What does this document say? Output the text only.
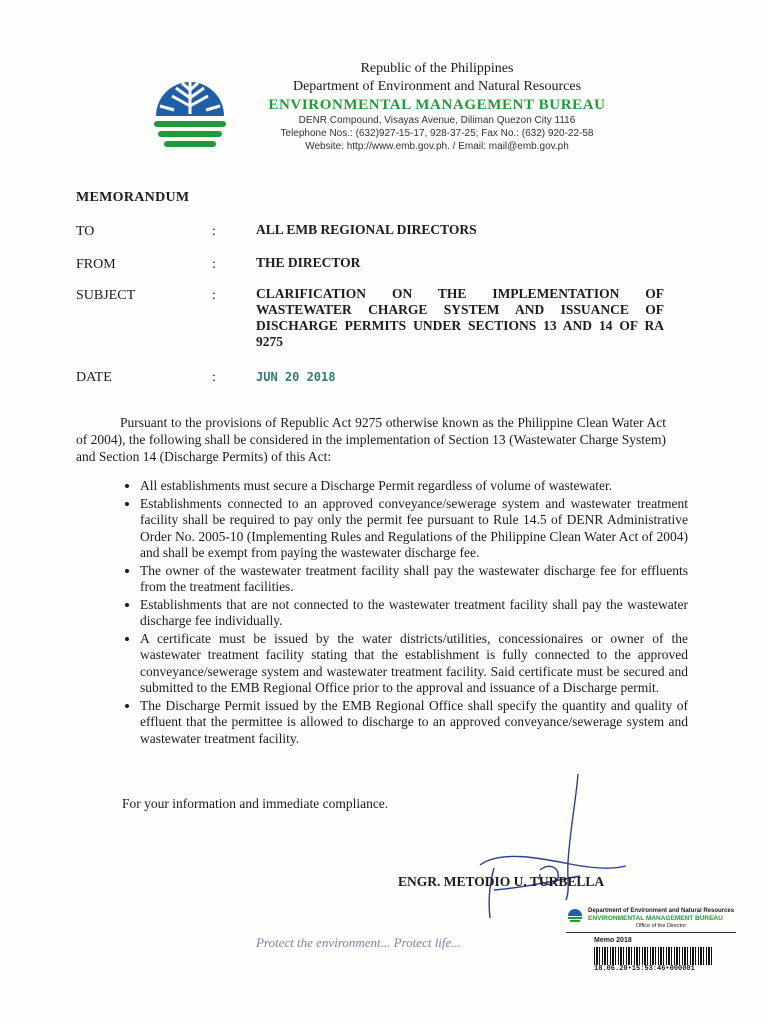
Republic of the Philippines
Department of Environment and Natural Resources
ENVIRONMENTAL MANAGEMENT BUREAU
DENR Compound, Visayas Avenue, Diliman Quezon City 1116
Telephone Nos.: (632)927-15-17, 928-37-25; Fax No.: (632) 920-22-58
Website: http://www.emb.gov.ph. / Email: mail@emb.gov.ph
MEMORANDUM
TO	:	ALL EMB REGIONAL DIRECTORS
FROM	:	THE DIRECTOR
SUBJECT	:	CLARIFICATION ON THE IMPLEMENTATION OF WASTEWATER CHARGE SYSTEM AND ISSUANCE OF DISCHARGE PERMITS UNDER SECTIONS 13 AND 14 OF RA 9275
DATE	:	JUN 20 2018
Pursuant to the provisions of Republic Act 9275 otherwise known as the Philippine Clean Water Act of 2004), the following shall be considered in the implementation of Section 13 (Wastewater Charge System) and Section 14 (Discharge Permits) of this Act:
• All establishments must secure a Discharge Permit regardless of volume of wastewater.
• Establishments connected to an approved conveyance/sewerage system and wastewater treatment facility shall be required to pay only the permit fee pursuant to Rule 14.5 of DENR Administrative Order No. 2005-10 (Implementing Rules and Regulations of the Philippine Clean Water Act of 2004) and shall be exempt from paying the wastewater discharge fee.
• The owner of the wastewater treatment facility shall pay the wastewater discharge fee for effluents from the treatment facilities.
• Establishments that are not connected to the wastewater treatment facility shall pay the wastewater discharge fee individually.
• A certificate must be issued by the water districts/utilities, concessionaires or owner of the wastewater treatment facility stating that the establishment is fully connected to the approved conveyance/sewerage system and wastewater treatment facility. Said certificate must be secured and submitted to the EMB Regional Office prior to the approval and issuance of a Discharge permit.
• The Discharge Permit issued by the EMB Regional Office shall specify the quantity and quality of effluent that the permittee is allowed to discharge to an approved conveyance/sewerage system and wastewater treatment facility.
For your information and immediate compliance.
ENGR. METODIO U. TURBELLA
Protect the environment... Protect life...
Department of Environment and Natural Resources
ENVIRONMENTAL MANAGEMENT BUREAU
Office of the Director
Memo 2018
18.06.20•15:53:46•000001
